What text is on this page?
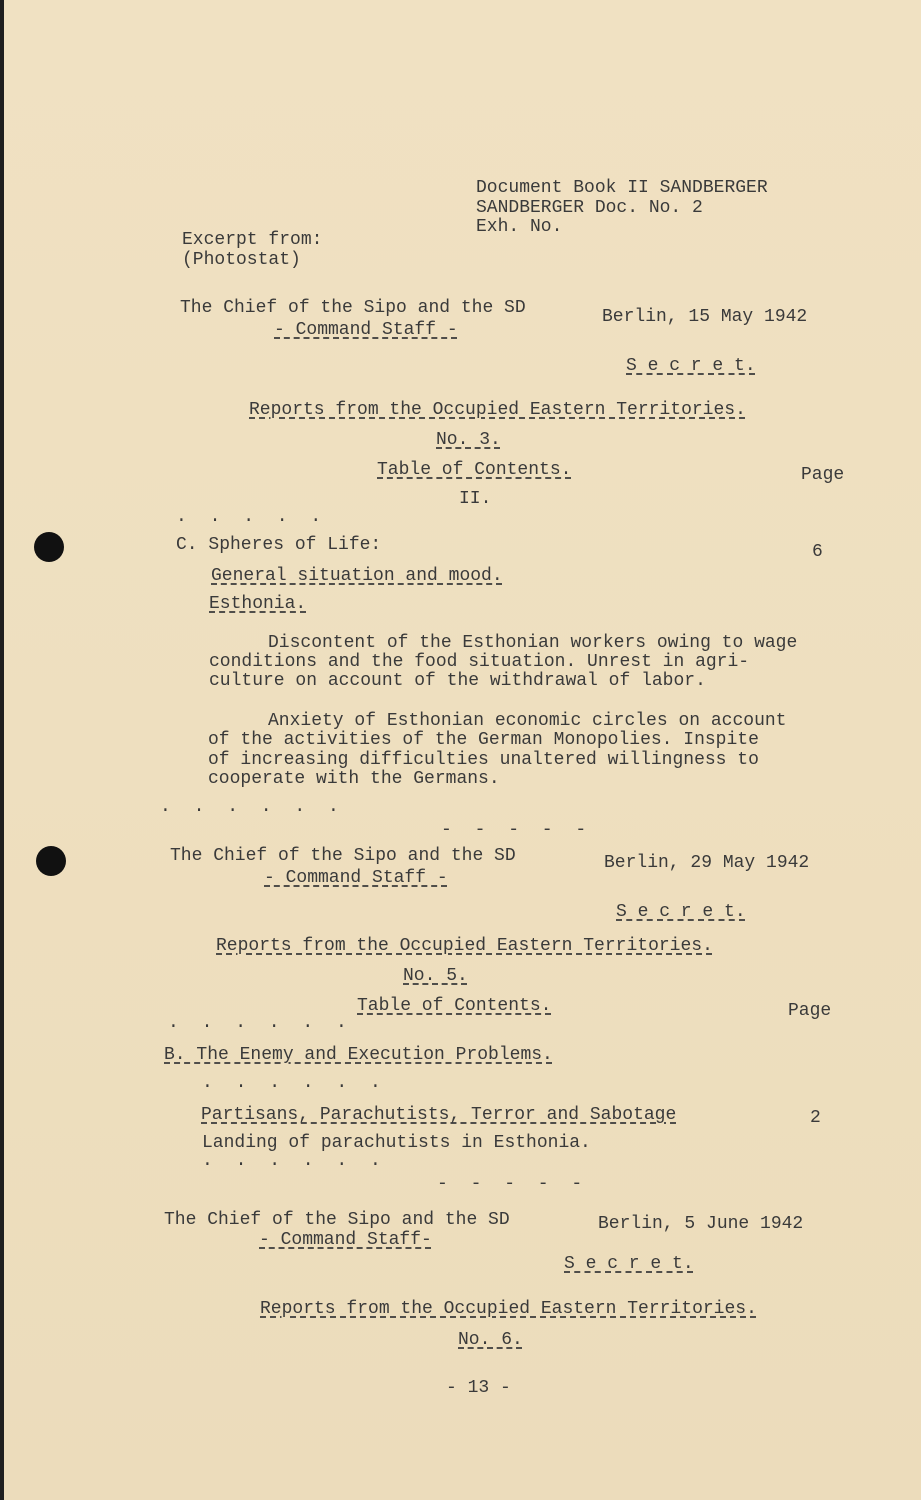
Document Book II SANDBERGER
SANDBERGER Doc. No. 2
Exh. No.
Excerpt from:
(Photostat)
The Chief of the Sipo and the SD
- Command Staff -
Berlin, 15 May 1942
S e c r e t.
Reports from the Occupied Eastern Territories.
No. 3.
Table of Contents.	Page
II.
. . . . .
C. Spheres of Life:	6
General situation and mood.
Esthonia.
Discontent of the Esthonian workers owing to wage
conditions and the food situation. Unrest in agri-
culture on account of the withdrawal of labor.
Anxiety of Esthonian economic circles on account
of the activities of the German Monopolies. Inspite
of increasing difficulties unaltered willingness to
cooperate with the Germans.
. . . . . .
- - - - -
The Chief of the Sipo and the SD
- Command Staff -
Berlin, 29 May 1942
S e c r e t.
Reports from the Occupied Eastern Territories.
No. 5.
Table of Contents.	Page
. . . . . .
B. The Enemy and Execution Problems.
. . . . . .
Partisans, Parachutists, Terror and Sabotage	2
Landing of parachutists in Esthonia.
. . . . . .
- - - - -
The Chief of the Sipo and the SD
- Command Staff-
Berlin, 5 June 1942
S e c r e t.
Reports from the Occupied Eastern Territories.
No. 6.
- 13 -
